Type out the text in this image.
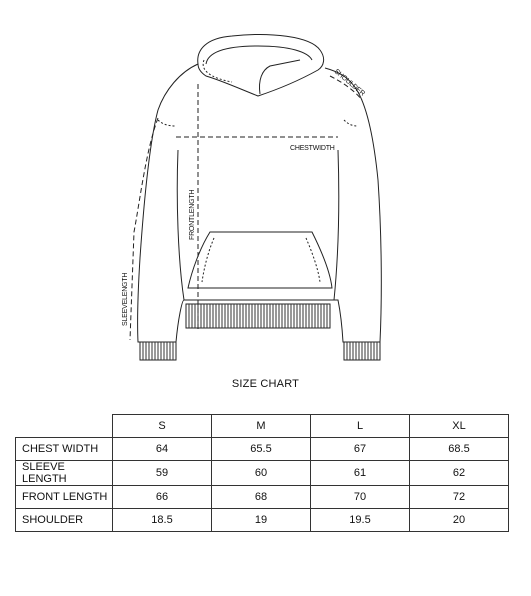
CHESTWIDTH
FRONTLENGTH
SLEEVELENGTH
SHOULDER
SIZE CHART
	S	M	L	XL
CHEST WIDTH	64	65.5	67	68.5
SLEEVE LENGTH	59	60	61	62
FRONT LENGTH	66	68	70	72
SHOULDER	18.5	19	19.5	20
